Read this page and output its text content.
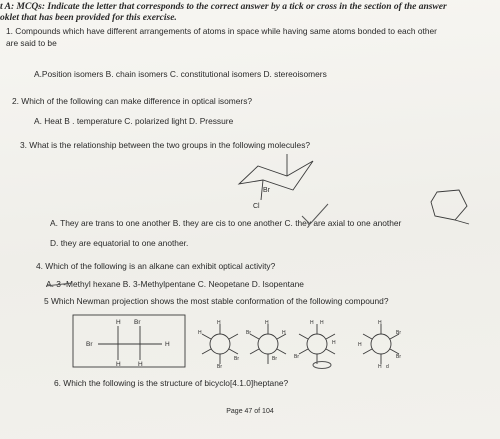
t A: MCQs: Indicate the letter that corresponds to the correct answer by a tick or cross in the section of the answer
oklet that has been provided for this exercise.
1. Compounds which have different arrangements of atoms in space while having same atoms bonded to each other
are said to be
A.Position isomers B. chain isomers C. constitutional isomers D. stereoisomers
2. Which of the following can make difference in optical isomers?
A. Heat B . temperature C. polarized light D. Pressure
3. What is the relationship between the two groups in the following molecules?
Cl
Br
A. They are trans to one another B. they are cis to one another C. they are axial to one another
D. they are equatorial to one another.
4. Which of the following is an alkane can exhibit optical activity?
A. 3 -Methyl hexane B. 3-Methylpentane C. Neopetane D. Isopentane
5 Which Newman projection shows the most stable conformation of the following compound?
H Br
Br	H
H	H
H
H
Br
Br
H
H
Br
Br
H H
H
Br
H
H
Br
Br
H d
6. Which the following is the structure of bicyclo[4.1.0]heptane?
Page 47 of 104
